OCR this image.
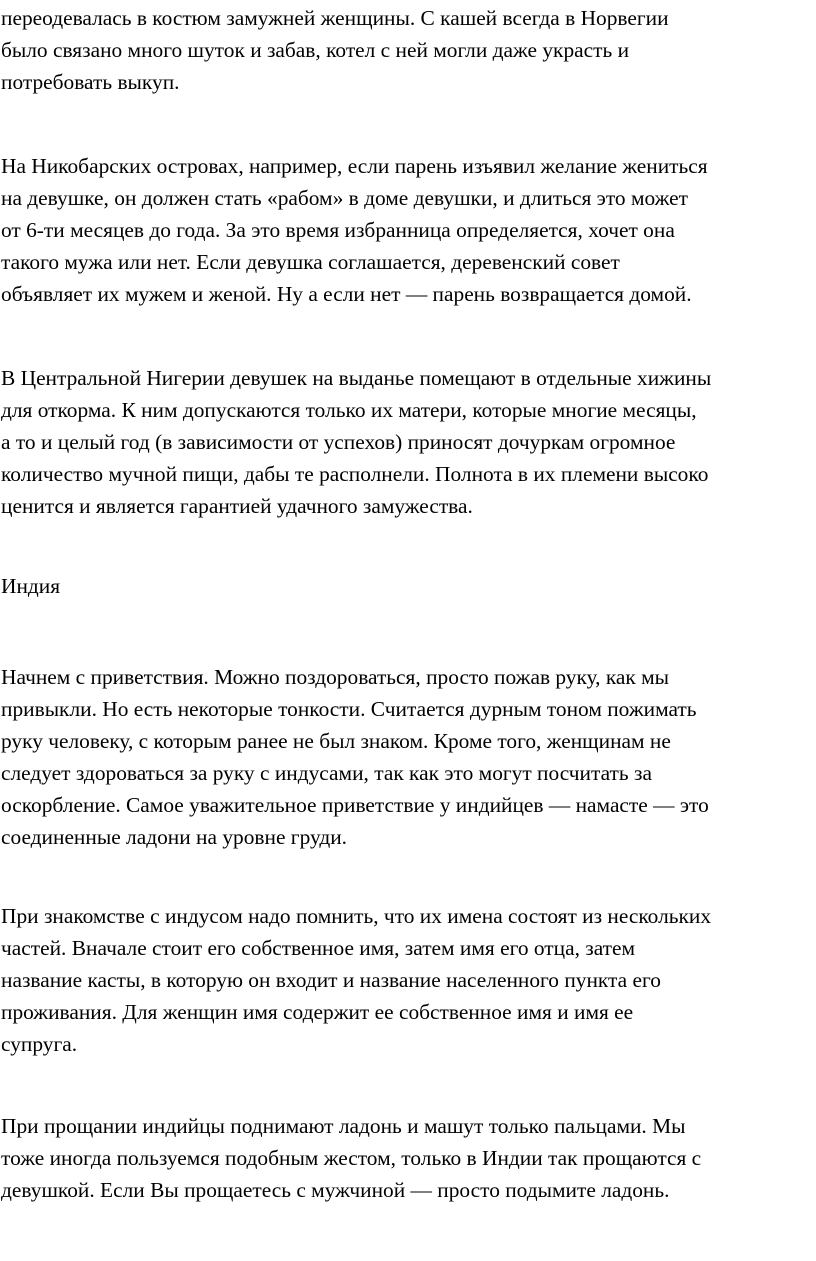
переодевалась в костюм замужней женщины. С кашей всегда в Норвегии
было связано много шуток и забав, котел с ней могли даже украсть и
потребовать выкуп.

На Никобарских островах, например, если парень изъявил желание жениться
на девушке, он должен стать «рабом» в доме девушки, и длиться это может
от 6-ти месяцев до года. За это время избранница определяется, хочет она
такого мужа или нет. Если девушка соглашается, деревенский совет
объявляет их мужем и женой. Ну а если нет — парень возвращается домой.

В Центральной Нигерии девушек на выданье помещают в отдельные хижины
для откорма. К ним допускаются только их матери, которые многие месяцы,
а то и целый год (в зависимости от успехов) приносят дочуркам огромное
количество мучной пищи, дабы те располнели. Полнота в их племени высоко
ценится и является гарантией удачного замужества.

Индия

Начнем с приветствия. Можно поздороваться, просто пожав руку, как мы
привыкли. Но есть некоторые тонкости. Считается дурным тоном пожимать
руку человеку, с которым ранее не был знаком. Кроме того, женщинам не
следует здороваться за руку с индусами, так как это могут посчитать за
оскорбление. Самое уважительное приветствие у индийцев — намасте — это
соединенные ладони на уровне груди.

При знакомстве с индусом надо помнить, что их имена состоят из нескольких
частей. Вначале стоит его собственное имя, затем имя его отца, затем
название касты, в которую он входит и название населенного пункта его
проживания. Для женщин имя содержит ее собственное имя и имя ее
супруга.

При прощании индийцы поднимают ладонь и машут только пальцами. Мы
тоже иногда пользуемся подобным жестом, только в Индии так прощаются с
девушкой. Если Вы прощаетесь с мужчиной — просто подымите ладонь.
